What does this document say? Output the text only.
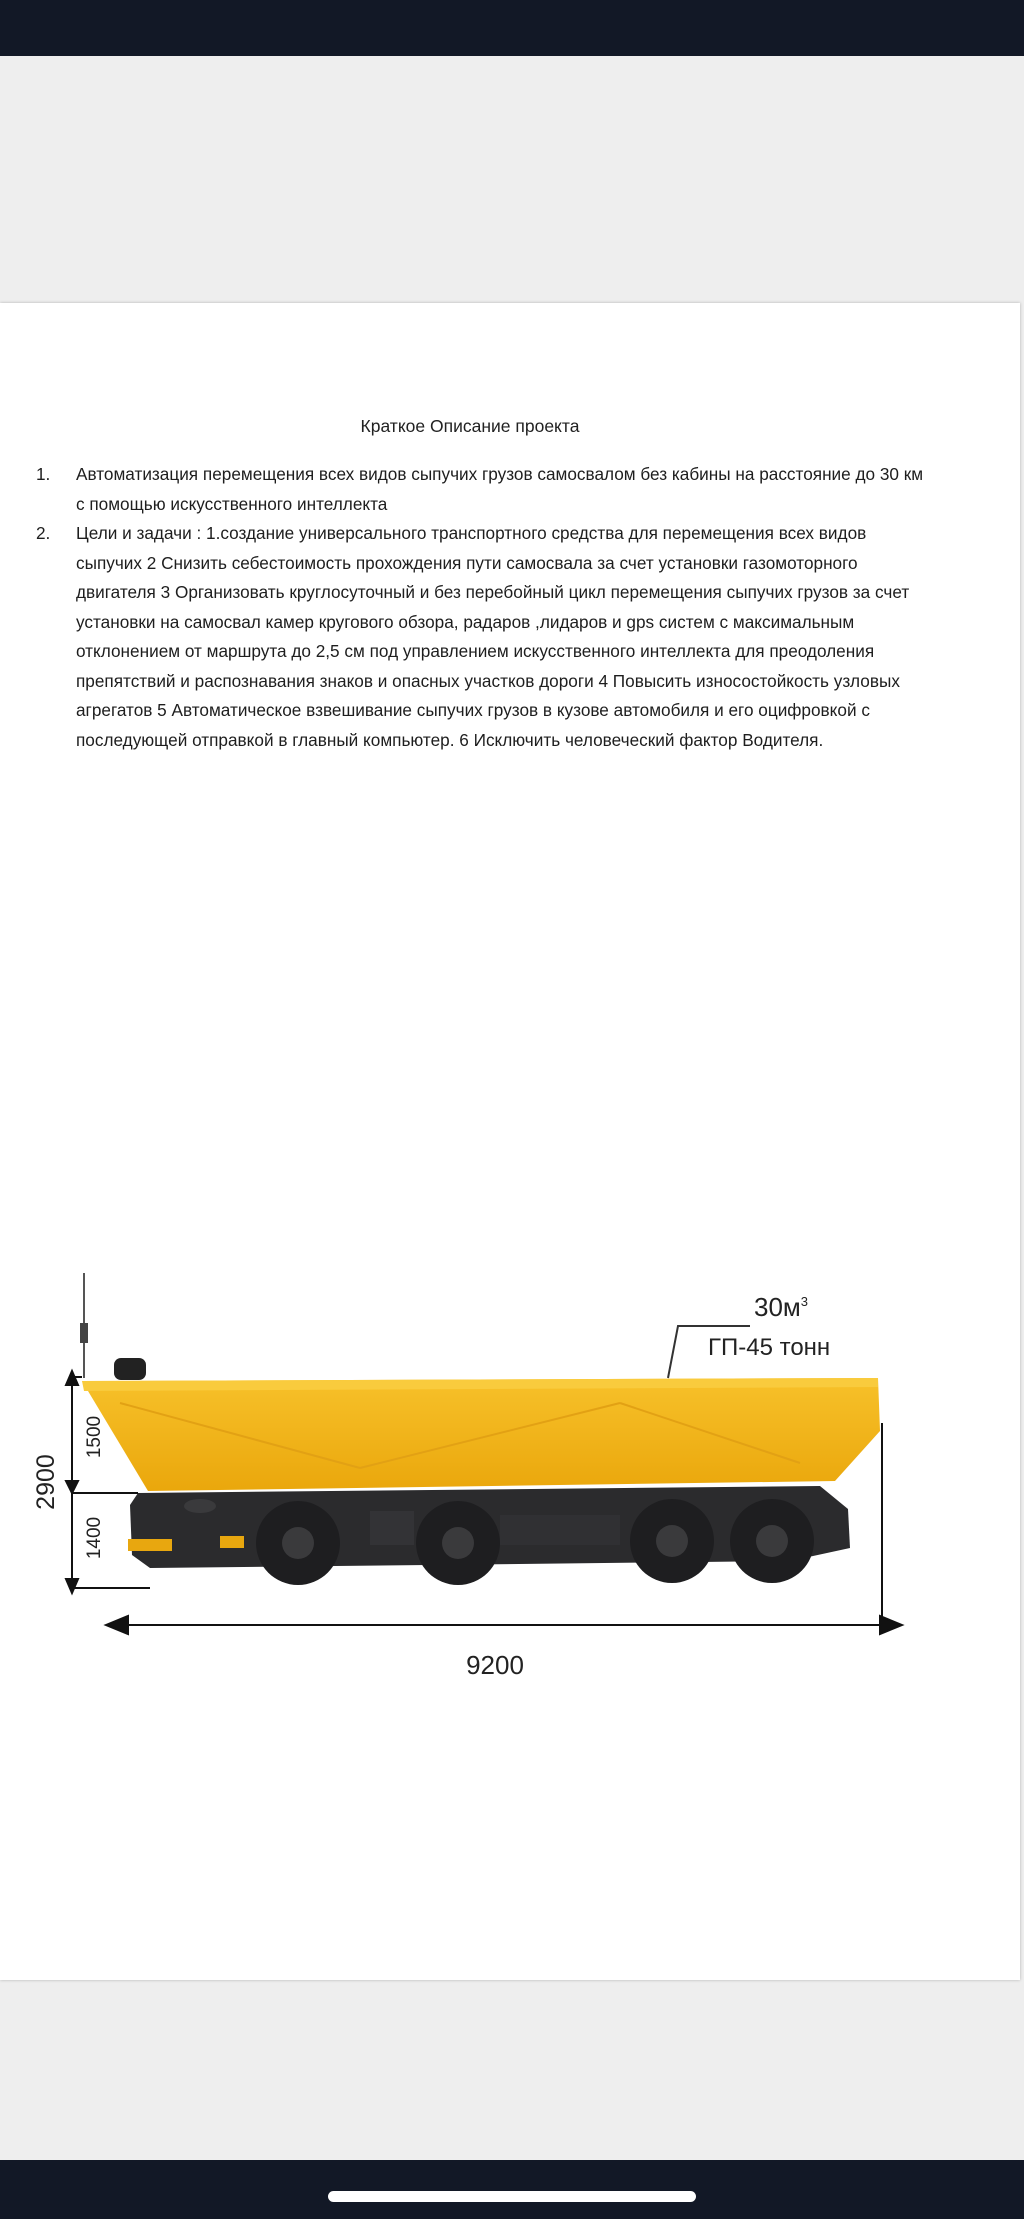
Краткое Описание проекта
1. Автоматизация перемещения всех видов сыпучих грузов самосвалом без кабины на расстояние до 30 км с помощью искусственного интеллекта
2. Цели и задачи : 1.создание универсального транспортного средства для перемещения всех видов сыпучих 2 Снизить себестоимость прохождения пути самосвала за счет установки газомоторного двигателя 3 Организовать круглосуточный и без перебойный цикл перемещения сыпучих грузов за счет установки на самосвал камер кругового обзора, радаров ,лидаров и gps систем с максимальным отклонением от маршрута до 2,5 см под управлением искусственного интеллекта для преодоления препятствий и распознавания знаков и опасных участков дороги 4 Повысить износостойкость узловых агрегатов 5 Автоматическое взвешивание сыпучих грузов в кузове автомобиля и его оцифровкой с последующей отправкой в главный компьютер. 6 Исключить человеческий фактор Водителя.
$30м^3$
ГП-45 тонн
2900
1500
1400
9200
